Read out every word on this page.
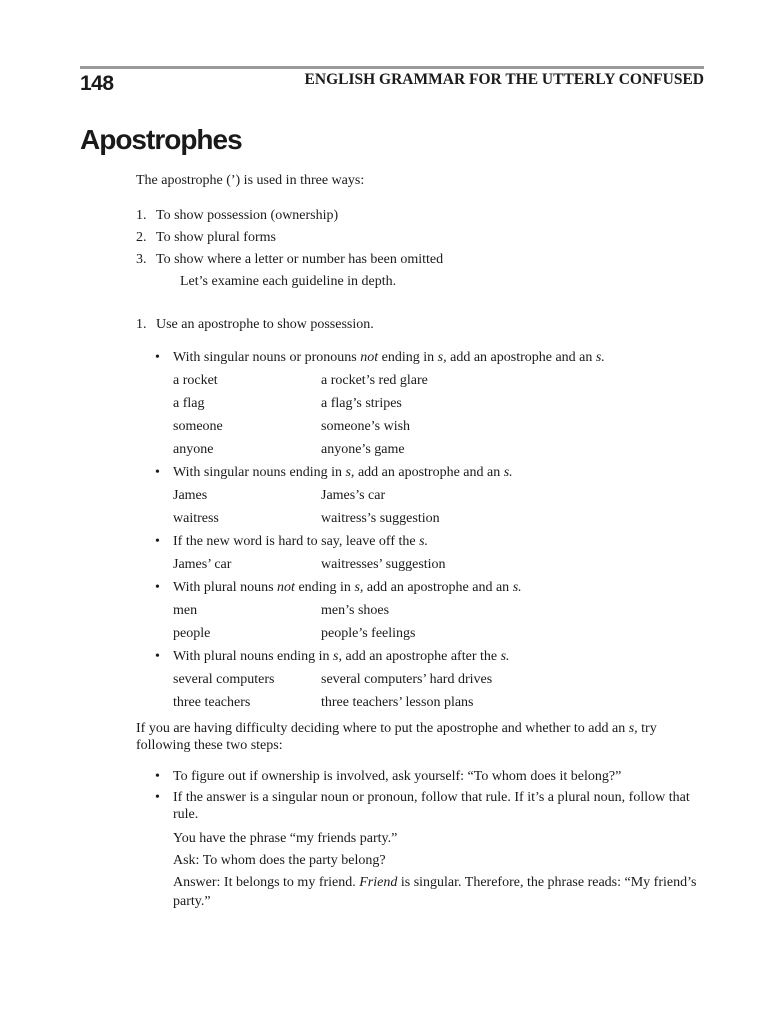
148	ENGLISH GRAMMAR FOR THE UTTERLY CONFUSED
Apostrophes

The apostrophe (’) is used in three ways:

1. To show possession (ownership)
2. To show plural forms
3. To show where a letter or number has been omitted
Let’s examine each guideline in depth.
1. Use an apostrophe to show possession.
• With singular nouns or pronouns not ending in s, add an apostrophe and an s.
a rocket	a rocket’s red glare
a flag	a flag’s stripes
someone	someone’s wish
anyone	anyone’s game
• With singular nouns ending in s, add an apostrophe and an s.
James	James’s car
waitress	waitress’s suggestion
• If the new word is hard to say, leave off the s.
James’ car	waitresses’ suggestion
• With plural nouns not ending in s, add an apostrophe and an s.
men	men’s shoes
people	people’s feelings
• With plural nouns ending in s, add an apostrophe after the s.
several computers	several computers’ hard drives
three teachers	three teachers’ lesson plans

If you are having difficulty deciding where to put the apostrophe and whether to add an s, try following these two steps:

• To figure out if ownership is involved, ask yourself: “To whom does it belong?”
• If the answer is a singular noun or pronoun, follow that rule. If it’s a plural noun, follow that rule.
You have the phrase “my friends party.”
Ask: To whom does the party belong?
Answer: It belongs to my friend. Friend is singular. Therefore, the phrase reads: “My friend’s party.”
